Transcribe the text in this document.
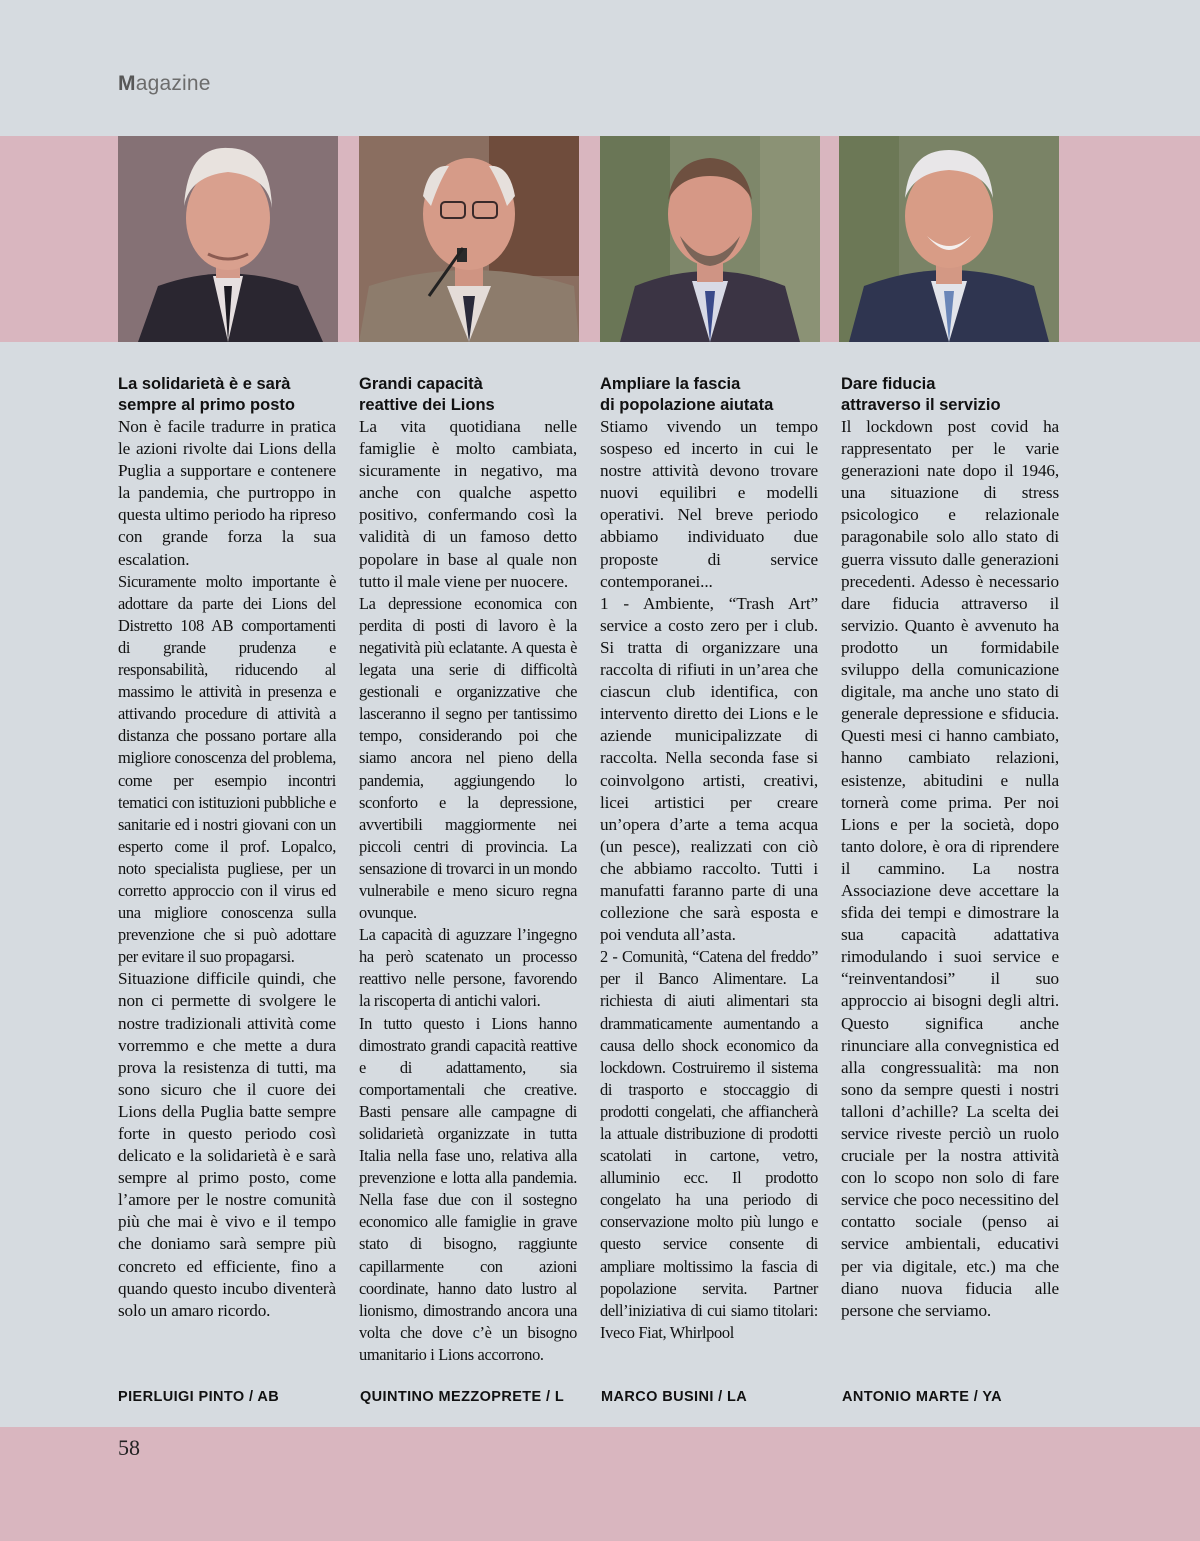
Magazine
La solidarietà è e sarà
sempre al primo posto

Non è facile tradurre in pratica le azioni rivolte dai Lions della Puglia a supportare e contenere la pandemia, che purtroppo in questa ultimo periodo ha ripreso con grande forza la sua escalation.

Sicuramente molto importante è adottare da parte dei Lions del Distretto 108 AB comportamenti di grande prudenza e responsabilità, riducendo al massimo le attività in presenza e attivando procedure di attività a distanza che possano portare alla migliore conoscenza del problema, come per esempio incontri tematici con istituzioni pubbliche e sanitarie ed i nostri giovani con un esperto come il prof. Lopalco, noto specialista pugliese, per un corretto approccio con il virus ed una migliore conoscenza sulla prevenzione che si può adottare per evitare il suo propagarsi.

Situazione difficile quindi, che non ci permette di svolgere le nostre tradizionali attività come vorremmo e che mette a dura prova la resistenza di tutti, ma sono sicuro che il cuore dei Lions della Puglia batte sempre forte in questo periodo così delicato e la solidarietà è e sarà sempre al primo posto, come l’amore per le nostre comunità più che mai è vivo e il tempo che doniamo sarà sempre più concreto ed efficiente, fino a quando questo incubo diventerà solo un amaro ricordo.

Grandi capacità
reattive dei Lions

La vita quotidiana nelle famiglie è molto cambiata, sicuramente in negativo, ma anche con qualche aspetto positivo, confermando così la validità di un famoso detto popolare in base al quale non tutto il male viene per nuocere.

La depressione economica con perdita di posti di lavoro è la negatività più eclatante. A questa è legata una serie di difficoltà gestionali e organizzative che lasceranno il segno per tantissimo tempo, considerando poi che siamo ancora nel pieno della pandemia, aggiungendo lo sconforto e la depressione, avvertibili maggiormente nei piccoli centri di provincia. La sensazione di trovarci in un mondo vulnerabile e meno sicuro regna ovunque.

La capacità di aguzzare l’ingegno ha però scatenato un processo reattivo nelle persone, favorendo la riscoperta di antichi valori.

In tutto questo i Lions hanno dimostrato grandi capacità reattive e di adattamento, sia comportamentali che creative. Basti pensare alle campagne di solidarietà organizzate in tutta Italia nella fase uno, relativa alla prevenzione e lotta alla pandemia. Nella fase due con il sostegno economico alle famiglie in grave stato di bisogno, raggiunte capillarmente con azioni coordinate, hanno dato lustro al lionismo, dimostrando ancora una volta che dove c’è un bisogno umanitario i Lions accorrono.

Ampliare la fascia
di popolazione aiutata

Stiamo vivendo un tempo sospeso ed incerto in cui le nostre attività devono trovare nuovi equilibri e modelli operativi. Nel breve periodo abbiamo individuato due proposte di service contemporanei...

1 - Ambiente, “Trash Art” service a costo zero per i club. Si tratta di organizzare una raccolta di rifiuti in un’area che ciascun club identifica, con intervento diretto dei Lions e le aziende municipalizzate di raccolta. Nella seconda fase si coinvolgono artisti, creativi, licei artistici per creare un’opera d’arte a tema acqua (un pesce), realizzati con ciò che abbiamo raccolto. Tutti i manufatti faranno parte di una collezione che sarà esposta e poi venduta all’asta.

2 - Comunità, “Catena del freddo” per il Banco Alimentare. La richiesta di aiuti alimentari sta drammaticamente aumentando a causa dello shock economico da lockdown. Costruiremo il sistema di trasporto e stoccaggio di prodotti congelati, che affiancherà la attuale distribuzione di prodotti scatolati in cartone, vetro, alluminio ecc. Il prodotto congelato ha una periodo di conservazione molto più lungo e questo service consente di ampliare moltissimo la fascia di popolazione servita. Partner dell’iniziativa di cui siamo titolari: Iveco Fiat, Whirlpool

Dare fiducia
attraverso il servizio

Il lockdown post covid ha rappresentato per le varie generazioni nate dopo il 1946, una situazione di stress psicologico e relazionale paragonabile solo allo stato di guerra vissuto dalle generazioni precedenti. Adesso è necessario dare fiducia attraverso il servizio. Quanto è avvenuto ha prodotto un formidabile sviluppo della comunicazione digitale, ma anche uno stato di generale depressione e sfiducia. Questi mesi ci hanno cambiato, hanno cambiato relazioni, esistenze, abitudini e nulla tornerà come prima. Per noi Lions e per la società, dopo tanto dolore, è ora di riprendere il cammino. La nostra Associazione deve accettare la sfida dei tempi e dimostrare la sua capacità adattativa rimodulando i suoi service e “reinventandosi” il suo approccio ai bisogni degli altri. Questo significa anche rinunciare alla convegnistica ed alla congressualità: ma non sono da sempre questi i nostri talloni d’achille? La scelta dei service riveste perciò un ruolo cruciale per la nostra attività con lo scopo non solo di fare service che poco necessitino del contatto sociale (penso ai service ambientali, educativi per via digitale, etc.) ma che diano nuova fiducia alle persone che serviamo.

PIERLUIGI PINTO / AB	QUINTINO MEZZOPRETE / L	MARCO BUSINI / LA	ANTONIO MARTE / YA
58
